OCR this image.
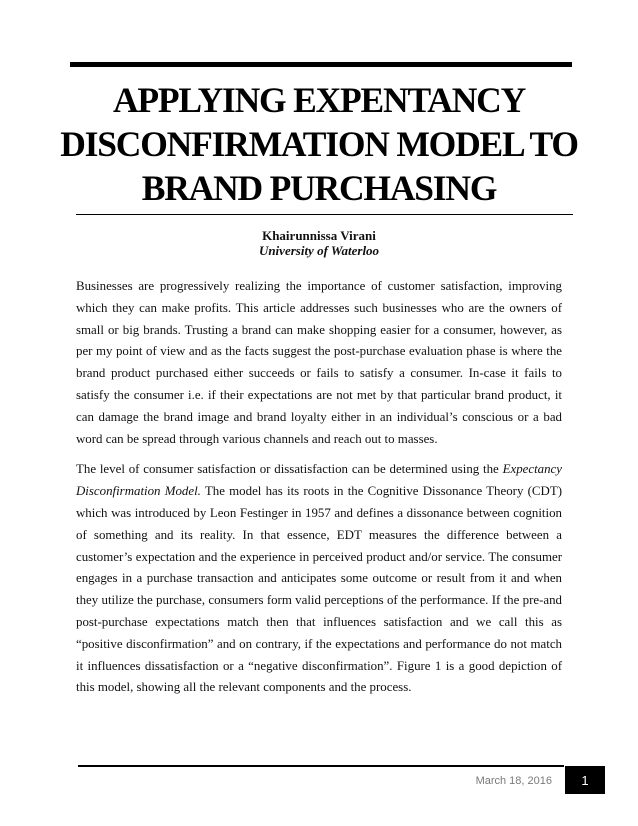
APPLYING EXPENTANCY
DISCONFIRMATION MODEL TO
BRAND PURCHASING
Khairunnissa Virani
University of Waterloo

Businesses are progressively realizing the importance of customer satisfaction, improving which they can make profits. This article addresses such businesses who are the owners of small or big brands. Trusting a brand can make shopping easier for a consumer, however, as per my point of view and as the facts suggest the post-purchase evaluation phase is where the brand product purchased either succeeds or fails to satisfy a consumer. In-case it fails to satisfy the consumer i.e. if their expectations are not met by that particular brand product, it can damage the brand image and brand loyalty either in an individual’s conscious or a bad word can be spread through various channels and reach out to masses.

The level of consumer satisfaction or dissatisfaction can be determined using the Expectancy Disconfirmation Model. The model has its roots in the Cognitive Dissonance Theory (CDT) which was introduced by Leon Festinger in 1957 and defines a dissonance between cognition of something and its reality. In that essence, EDT measures the difference between a customer’s expectation and the experience in perceived product and/or service. The consumer engages in a purchase transaction and anticipates some outcome or result from it and when they utilize the purchase, consumers form valid perceptions of the performance. If the pre-and post-purchase expectations match then that influences satisfaction and we call this as “positive disconfirmation” and on contrary, if the expectations and performance do not match it influences dissatisfaction or a “negative disconfirmation”. Figure 1 is a good depiction of this model, showing all the relevant components and the process.

March 18, 2016	1
